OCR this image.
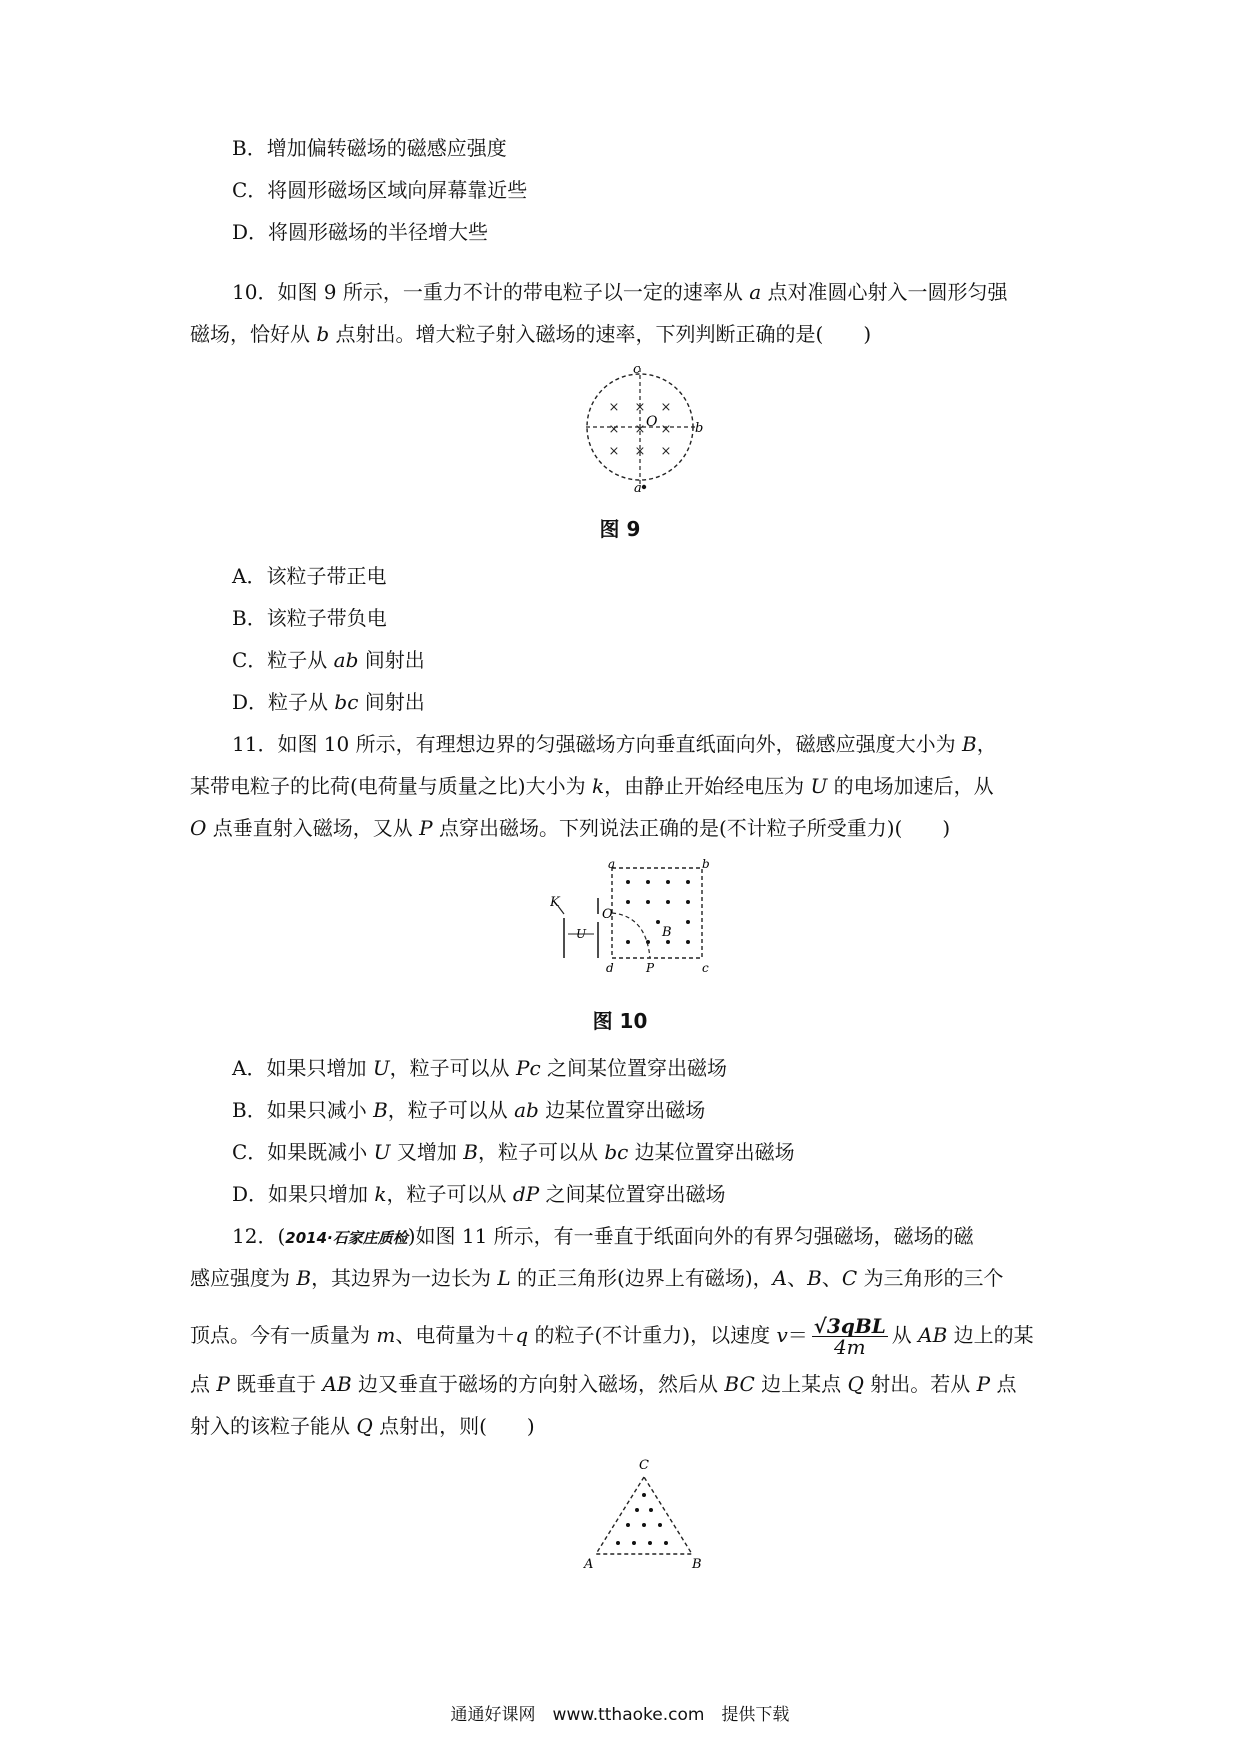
B．增加偏转磁场的磁感应强度
C．将圆形磁场区域向屏幕靠近些
D．将圆形磁场的半径增大些
10．如图 9 所示，一重力不计的带电粒子以一定的速率从 a 点对准圆心射入一圆形匀强
磁场，恰好从 b 点射出。增大粒子射入磁场的速率，下列判断正确的是(　　)
× × ×
× × ×
× × ×
c
O	b
a
图 9
A．该粒子带正电
B．该粒子带负电
C．粒子从 ab 间射出
D．粒子从 bc 间射出
11．如图 10 所示，有理想边界的匀强磁场方向垂直纸面向外，磁感应强度大小为 B，
某带电粒子的比荷(电荷量与质量之比)大小为 k，由静止开始经电压为 U 的电场加速后，从
O 点垂直射入磁场，又从 P 点穿出磁场。下列说法正确的是(不计粒子所受重力)(　　)
a	b
K
O
B
U
d	P	c
图 10
A．如果只增加 U，粒子可以从 Pc 之间某位置穿出磁场
B．如果只减小 B，粒子可以从 ab 边某位置穿出磁场
C．如果既减小 U 又增加 B，粒子可以从 bc 边某位置穿出磁场
D．如果只增加 k，粒子可以从 dP 之间某位置穿出磁场
12．(2014·石家庄质检)如图 11 所示，有一垂直于纸面向外的有界匀强磁场，磁场的磁
感应强度为 B，其边界为一边长为 L 的正三角形(边界上有磁场)，A、B、C 为三角形的三个
顶点。今有一质量为 m、电荷量为＋q 的粒子(不计重力)，以速度 $v= \frac{\text{√3qBL}}{4m}$ 从 AB 边上的某
点 P 既垂直于 AB 边又垂直于磁场的方向射入磁场，然后从 BC 边上某点 Q 射出。若从 P 点
射入的该粒子能从 Q 点射出，则(　　)
C
A	B
通通好课网　www.tthaoke.com　提供下载
